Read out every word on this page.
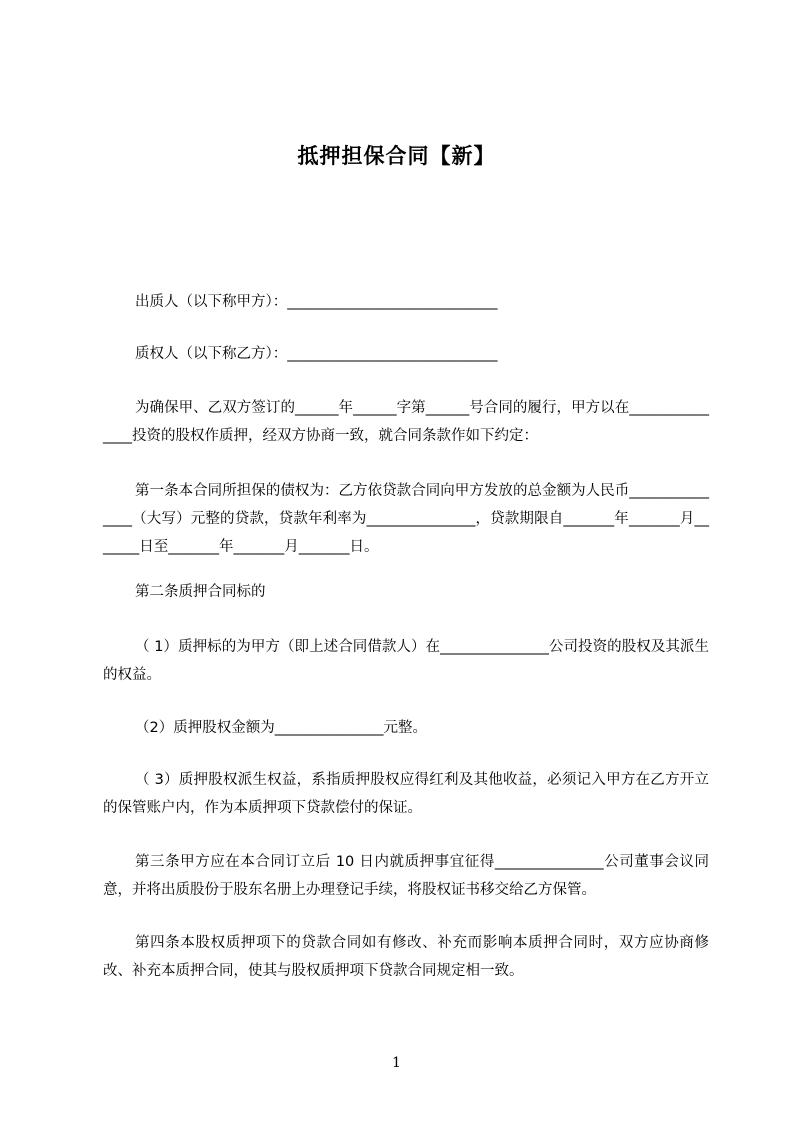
抵押担保合同【新】
出质人（以下称甲方）：_____________________________
质权人（以下称乙方）：_____________________________
为确保甲、乙双方签订的______年______字第______号合同的履行，甲方以在_______________投资的股权作质押，经双方协商一致，就合同条款作如下约定：
第一条本合同所担保的债权为：乙方依贷款合同向甲方发放的总金额为人民币_______________（大写）元整的贷款，贷款年利率为_______________，贷款期限自_______年_______月_______日至_______年_______月_______日。
第二条质押合同标的
（ 1）质押标的为甲方（即上述合同借款人）在_______________公司投资的股权及其派生的权益。
（2）质押股权金额为_______________元整。
（ 3）质押股权派生权益，系指质押股权应得红利及其他收益，必须记入甲方在乙方开立的保管账户内，作为本质押项下贷款偿付的保证。
第三条甲方应在本合同订立后 10 日内就质押事宜征得_______________公司董事会议同意，并将出质股份于股东名册上办理登记手续，将股权证书移交给乙方保管。
第四条本股权质押项下的贷款合同如有修改、补充而影响本质押合同时，双方应协商修改、补充本质押合同，使其与股权质押项下贷款合同规定相一致。
1
